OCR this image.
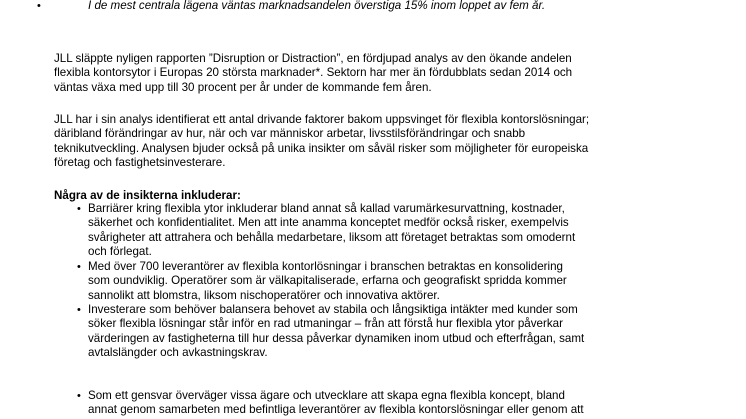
•	I de mest centrala lägena väntas marknadsandelen överstiga 15% inom loppet av fem år.
JLL släppte nyligen rapporten ”Disruption or Distraction”, en fördjupad analys av den ökande andelen
flexibla kontorsytor i Europas 20 största marknader*. Sektorn har mer än fördubblats sedan 2014 och
väntas växa med upp till 30 procent per år under de kommande fem åren.
JLL har i sin analys identifierat ett antal drivande faktorer bakom uppsvinget för flexibla kontorslösningar;
däribland förändringar av hur, när och var människor arbetar, livsstilsförändringar och snabb
teknikutveckling. Analysen bjuder också på unika insikter om såväl risker som möjligheter för europeiska
företag och fastighetsinvesterare.
Några av de insikterna inkluderar:
• Barriärer kring flexibla ytor inkluderar bland annat så kallad varumärkesurvattning, kostnader,
säkerhet och konfidentialitet. Men att inte anamma konceptet medför också risker, exempelvis
svårigheter att attrahera och behålla medarbetare, liksom att företaget betraktas som omodernt
och förlegat.
• Med över 700 leverantörer av flexibla kontorlösningar i branschen betraktas en konsolidering
som oundviklig. Operatörer som är välkapitaliserade, erfarna och geografiskt spridda kommer
sannolikt att blomstra, liksom nischoperatörer och innovativa aktörer.
• Investerare som behöver balansera behovet av stabila och långsiktiga intäkter med kunder som
söker flexibla lösningar står inför en rad utmaningar – från att förstå hur flexibla ytor påverkar
värderingen av fastigheterna till hur dessa påverkar dynamiken inom utbud och efterfrågan, samt
avtalslängder och avkastningskrav.
• Som ett gensvar överväger vissa ägare och utvecklare att skapa egna flexibla koncept, bland
annat genom samarbeten med befintliga leverantörer av flexibla kontorslösningar eller genom att
